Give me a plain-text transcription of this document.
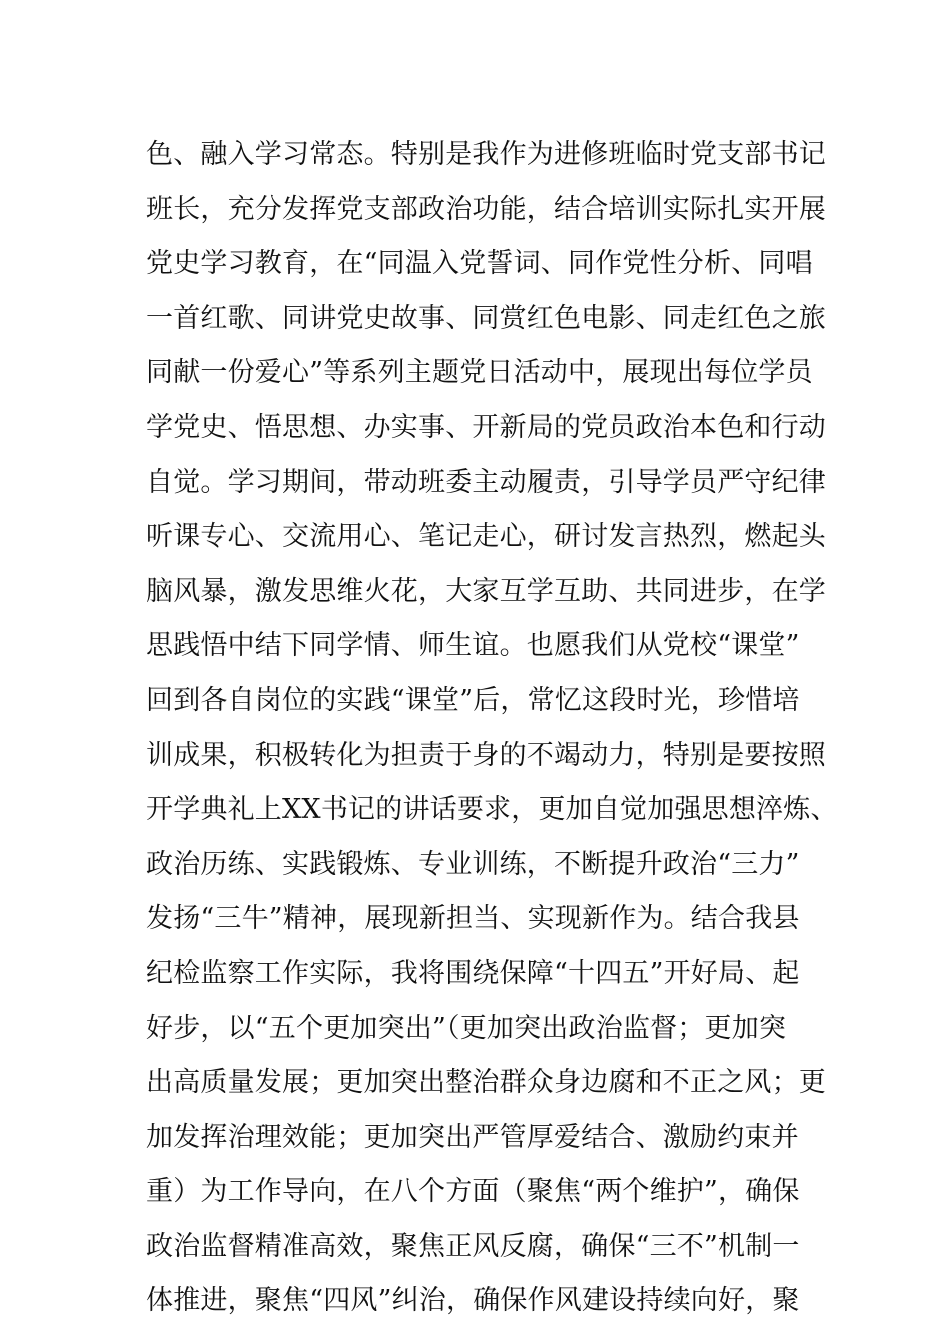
色、融入学习常态。特别是我作为进修班临时党支部书记
班长，充分发挥党支部政治功能，结合培训实际扎实开展
党史学习教育，在“同温入党誓词、同作党性分析、同唱
一首红歌、同讲党史故事、同赏红色电影、同走红色之旅
同献一份爱心”等系列主题党日活动中，展现出每位学员
学党史、悟思想、办实事、开新局的党员政治本色和行动
自觉。学习期间，带动班委主动履责，引导学员严守纪律
听课专心、交流用心、笔记走心，研讨发言热烈，燃起头
脑风暴，激发思维火花，大家互学互助、共同进步，在学
思践悟中结下同学情、师生谊。也愿我们从党校“课堂”
回到各自岗位的实践“课堂”后，常忆这段时光，珍惜培
训成果，积极转化为担责于身的不竭动力，特别是要按照
开学典礼上XX书记的讲话要求，更加自觉加强思想淬炼、
政治历练、实践锻炼、专业训练，不断提升政治“三力”
发扬“三牛”精神，展现新担当、实现新作为。结合我县
纪检监察工作实际，我将围绕保障“十四五”开好局、起
好步，以“五个更加突出”（更加突出政治监督；更加突
出高质量发展；更加突出整治群众身边腐和不正之风；更
加发挥治理效能；更加突出严管厚爱结合、激励约束并
重）为工作导向，在八个方面（聚焦“两个维护”，确保
政治监督精准高效，聚焦正风反腐，确保“三不”机制一
体推进，聚焦“四风”纠治，确保作风建设持续向好，聚
